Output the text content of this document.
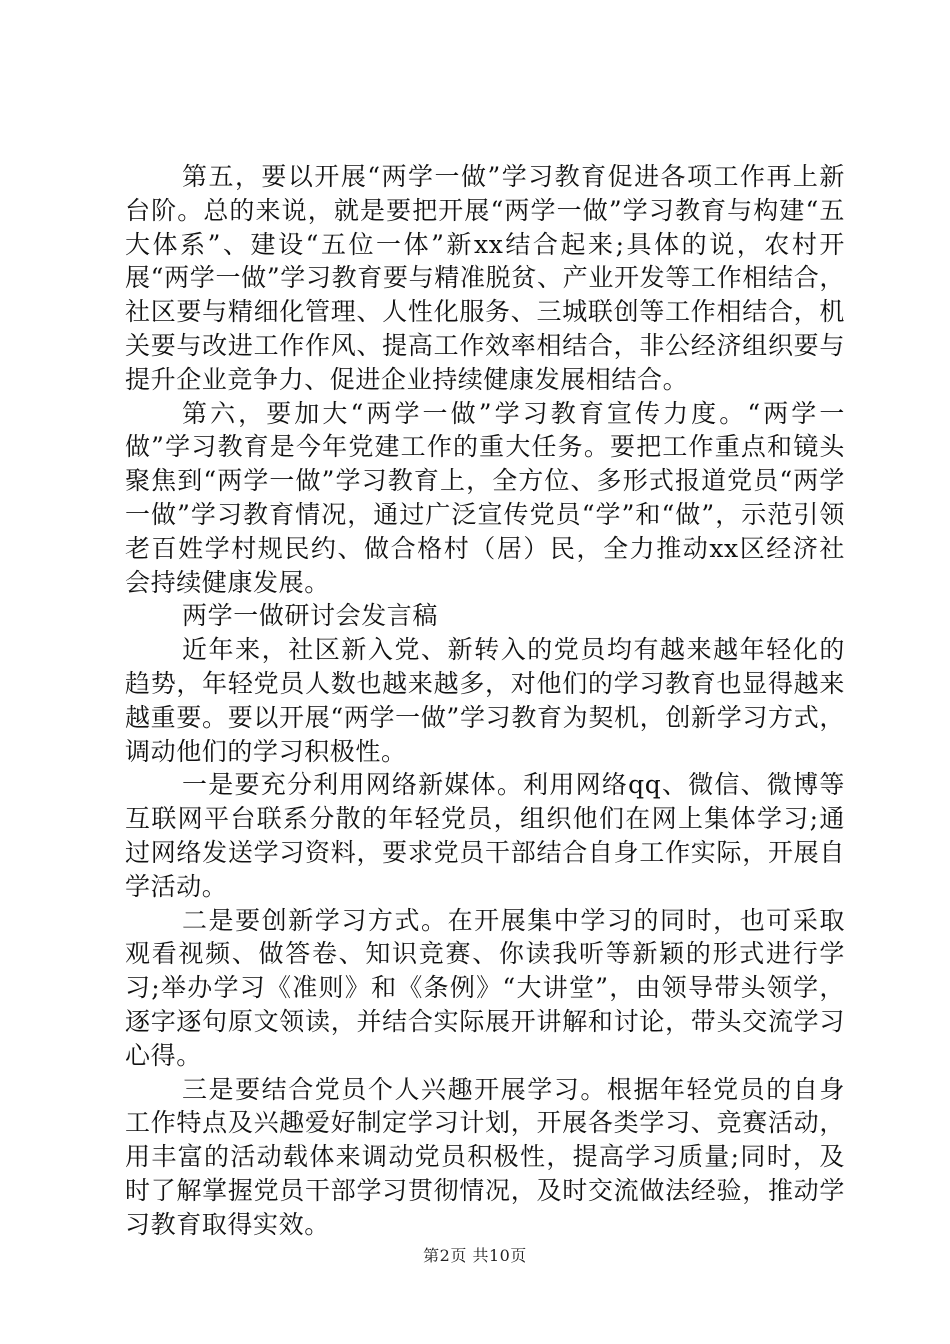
第五，要以开展“两学一做”学习教育促进各项工作再上新台阶。总的来说，就是要把开展“两学一做”学习教育与构建“五大体系”、建设“五位一体”新xx结合起来;具体的说，农村开展“两学一做”学习教育要与精准脱贫、产业开发等工作相结合，社区要与精细化管理、人性化服务、三城联创等工作相结合，机关要与改进工作作风、提高工作效率相结合，非公经济组织要与提升企业竞争力、促进企业持续健康发展相结合。

第六，要加大“两学一做”学习教育宣传力度。“两学一做”学习教育是今年党建工作的重大任务。要把工作重点和镜头聚焦到“两学一做”学习教育上，全方位、多形式报道党员“两学一做”学习教育情况，通过广泛宣传党员“学”和“做”，示范引领老百姓学村规民约、做合格村（居）民，全力推动xx区经济社会持续健康发展。

两学一做研讨会发言稿

近年来，社区新入党、新转入的党员均有越来越年轻化的趋势，年轻党员人数也越来越多，对他们的学习教育也显得越来越重要。要以开展“两学一做”学习教育为契机，创新学习方式，调动他们的学习积极性。

一是要充分利用网络新媒体。利用网络qq、微信、微博等互联网平台联系分散的年轻党员，组织他们在网上集体学习;通过网络发送学习资料，要求党员干部结合自身工作实际，开展自学活动。

二是要创新学习方式。在开展集中学习的同时，也可采取观看视频、做答卷、知识竞赛、你读我听等新颖的形式进行学习;举办学习《准则》和《条例》“大讲堂”，由领导带头领学，逐字逐句原文领读，并结合实际展开讲解和讨论，带头交流学习心得。

三是要结合党员个人兴趣开展学习。根据年轻党员的自身工作特点及兴趣爱好制定学习计划，开展各类学习、竞赛活动，用丰富的活动载体来调动党员积极性，提高学习质量;同时，及时了解掌握党员干部学习贯彻情况，及时交流做法经验，推动学习教育取得实效。

第2页 共10页
